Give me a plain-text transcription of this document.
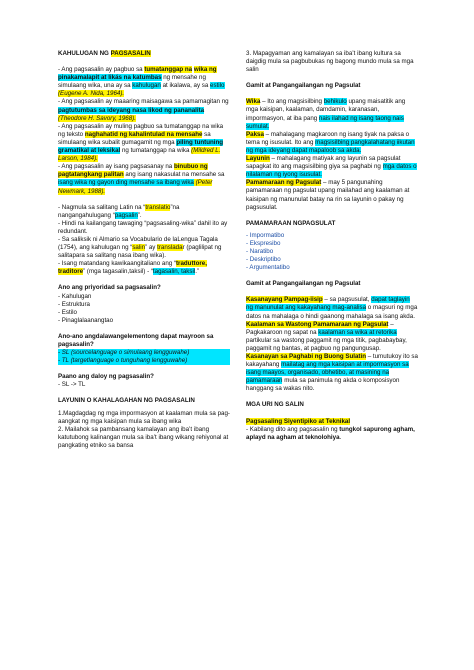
KAHULUGAN NG PAGSASALIN

- Ang pagsasalin ay pagbuo sa tumatanggap na wika ng pinakamalapit at likás na katumbas ng mensahe ng simulaang wika, una ay sa kahulugan at ikalawa, ay sa estilo (Eugene A. Nida, 1964).

- Ang pagsasalin ay maaaring maisagawa sa pamamagitan ng pagtutumbas sa ideyang nasa likod ng pananalita (Theodore H. Savory, 1968).

- Ang pagsasalin ay muling pagbuo sa tumatanggap na wika ng teksto naghahatid ng kahalintulad na mensahe sa simulaang wika subalit gumagamit ng mga piling tuntuning gramatikal at leksikal ng tumatanggap na wika (Mildred L. Larson, 1984).

- Ang pagsasalin ay isang pagsasanay na binubuo ng pagtatangkang palitan ang isang nakasulat na mensahe sa isang wika ng gayon ding mensahe sa ibang wika (Peter Newmark, 1988).

- Nagmula sa salitang Latin na “translatio”na nangangahulugang “pagsalin”.

- Hindi na kailangang tawaging “pagsasaling-wika” dahil ito ay redundant.

- Sa saliksik ni Almario sa Vocabulario de laLengua Tagala (1754), ang kahulugan ng “salin” ay transladar (paglilipat ng salitapara sa salitang nasa ibang wika).

- Isang matandang kawikaangitaliano ang “traduttore, traditore” (mga tagasalin,taksil) - “tagasalin, taksil.”

Ano ang priyoridad sa pagsasalin?

- Kahulugan

- Estruktura

- Estilo

- Pinaglalaanangtao

Ano-ano angdalawangelementong dapat mayroon sa pagsasalin?

- SL (sourcelanguage o simulaang lengguwahe)

- TL (targetlanguage o tunguhang lengguwahe)

Paano ang daloy ng pagsasalin?

- SL -> TL

LAYUNIN O KAHALAGAHAN NG PAGSASALIN

1.Magdagdag ng mga impormasyon at kaalaman mula sa pag-aangkat ng mga kaisipan mula sa ibang wika

2. Mailahok sa pambansang kamalayan ang iba’t ibang katutubong kalinangan mula sa iba’t ibang wikang rehiyonal at pangkating etniko sa bansa

3. Mapagyaman ang kamalayan sa iba’t ibang kultura sa daigdig mula sa pagbubukas ng bagong mundo mula sa mga salin

Gamit at Pangangailangan ng Pagsulat

Wika – Ito ang magsisilbing behikulo upang maisatitik ang mga kaisipan, kaalaman, damdamin, karanasan, impormasyon, at iba pang nais ilahad ng isang taong nais sumulat.

Paksa – mahalagang magkaroon ng isang tiyak na paksa o tema ng isusulat. Ito ang magsisilbing pangkalahatang iikutan ng mga ideyang dapat mapaloob sa akda.

Layunin – mahalagang matiyak ang layunin sa pagsulat sapagkat ito ang magsisilbing giya sa paghabi ng mga datos o nilalaman ng iyong isusulat.

Pamamaraan ng Pagsulat – may 5 pangunahing pamamaraan ng pagsulat upang mailahad ang kaalaman at kaisipan ng manunulat batay na rin sa layunin o pakay ng pagsusulat.

PAMAMARAAN NGPAGSULAT

- Impormatibo

- Ekspresibo

- Naratibo

- Deskriptibo

- Argumentatibo

Gamit at Pangangailangan ng Pagsulat

Kasanayang Pampag-iisip – sa pagsusulat, dapat taglayin ng manunulat ang kakayahang mag-analisa o magsuri ng mga datos na mahalaga o hindi gaanong mahalaga sa isang akda.

Kaalaman sa Wastong Pamamaraan ng Pagsulat – Pagkakaroon ng sapat na kaalaman sa wika at retorika partikular sa wastong paggamit ng mga titik, pagbabaybay, paggamit ng bantas, at pagbuo ng pangungusap.

Kasanayan sa Paghabi ng Buong Sulatin – tumutukoy ito sa kakayahang mailatag ang mga kaisipan at impormasyon sa isang maayos, organisado, obhetibo, at masining na pamamaraan mula sa panimula ng akda o komposisyon hanggang sa wakas nito.

MGA URI NG SALIN

Pagsasaling Siyentipiko at Teknikal
- Kabilang dito ang pagsasalin ng tungkol sapurong agham, aplayd na agham at teknolohiya.
